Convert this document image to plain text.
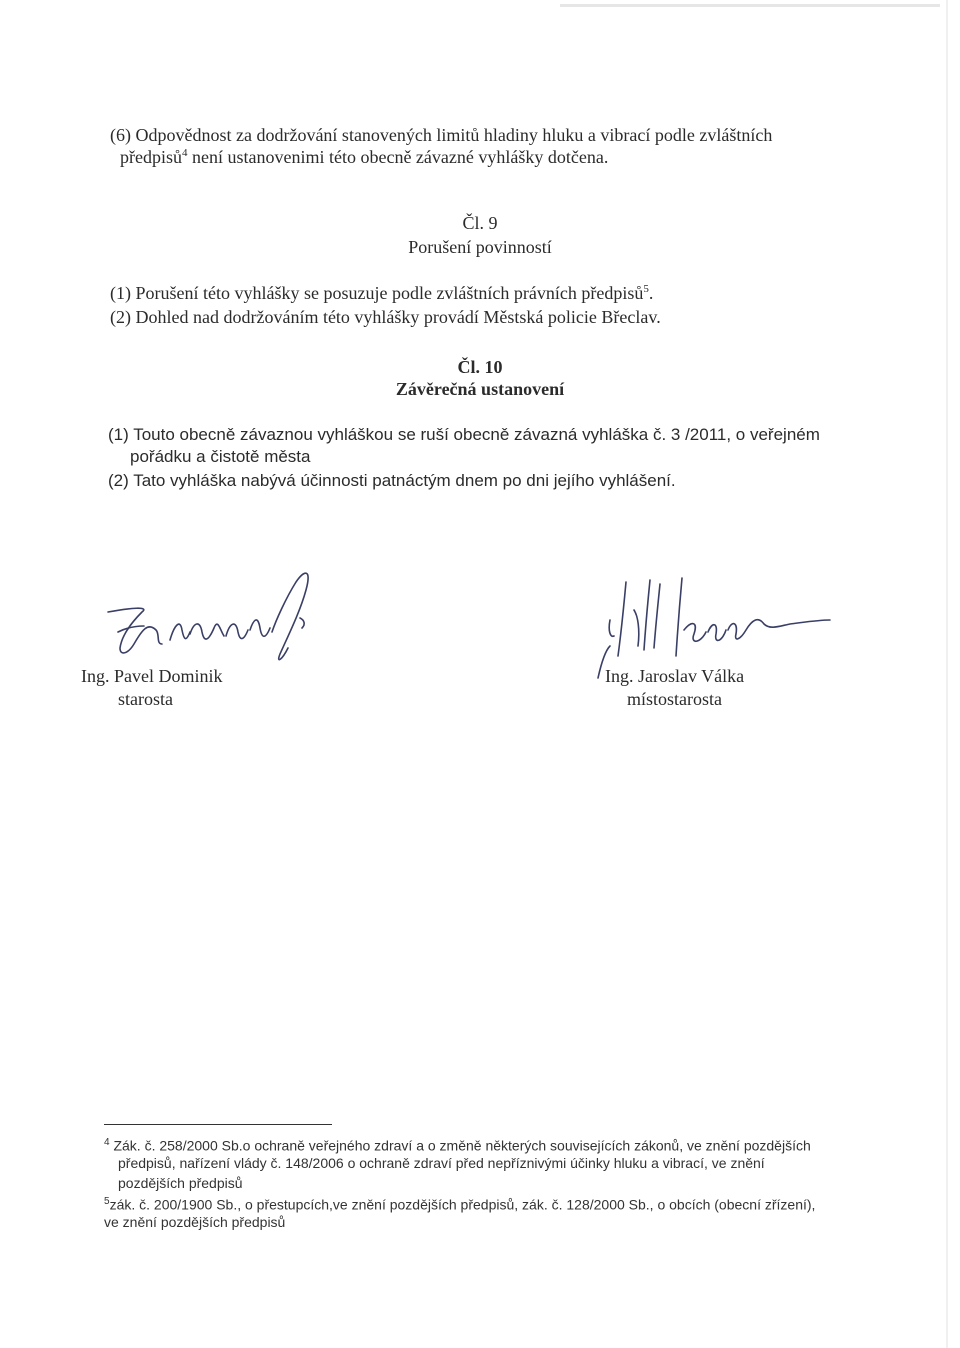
(6) Odpovědnost za dodržování stanovených limitů hladiny hluku a vibrací podle zvláštních
předpisů$^4$ není ustanovenimi této obecně závazné vyhlášky dotčena.
Čl. 9
Porušení povinností
(1) Porušení této vyhlášky se posuzuje podle zvláštních právních předpisů$^5$.
(2) Dohled nad dodržováním této vyhlášky provádí Městská policie Břeclav.
Čl. 10
Závěrečná ustanovení
(1) Touto obecně závaznou vyhláškou se ruší obecně závazná vyhláška č. 3 /2011, o veřejném
pořádku a čistotě města
(2) Tato vyhláška nabývá účinnosti patnáctým dnem po dni jejího vyhlášení.
Ing. Pavel Dominik
starosta
Ing. Jaroslav Válka
místostarosta
$^4$ Zák. č. 258/2000 Sb.o ochraně veřejného zdraví a o změně některých souvisejících zákonů, ve znění pozdějších
předpisů, nařízení vlády č. 148/2006 o ochraně zdraví před nepříznivými účinky hluku a vibrací, ve znění
pozdějších předpisů
$^5$zák. č. 200/1900 Sb., o přestupcích,ve znění pozdějších předpisů, zák. č. 128/2000 Sb., o obcích (obecní zřízení),
ve znění pozdějších předpisů
